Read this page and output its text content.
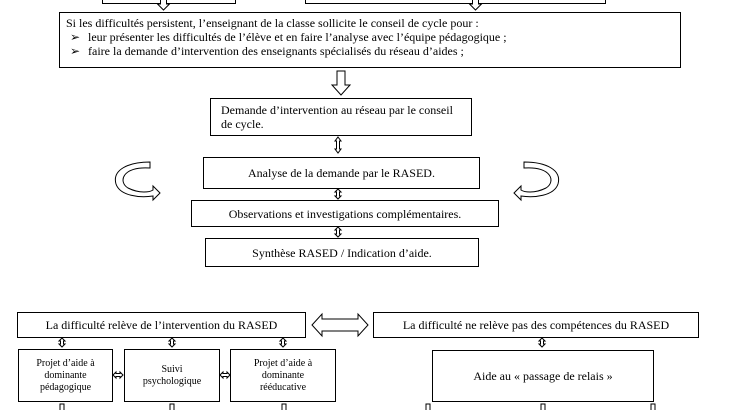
Si les difficultés persistent, l’enseignant de la classe sollicite le conseil de cycle pour :
➢ leur présenter les difficultés de l’élève et en faire l’analyse avec l’équipe pédagogique ;
➢ faire la demande d’intervention des enseignants spécialisés du réseau d’aides ;
Demande d’intervention au réseau par le conseil de cycle.
Analyse de la demande par le RASED.
Observations et investigations complémentaires.
Synthèse RASED / Indication d’aide.
La difficulté relève de l’intervention du RASED	La difficulté ne relève pas des compétences du RASED
Projet d’aide à dominante pédagogique
Suivi psychologique
Projet d’aide à dominante rééducative
Aide au « passage de relais »
